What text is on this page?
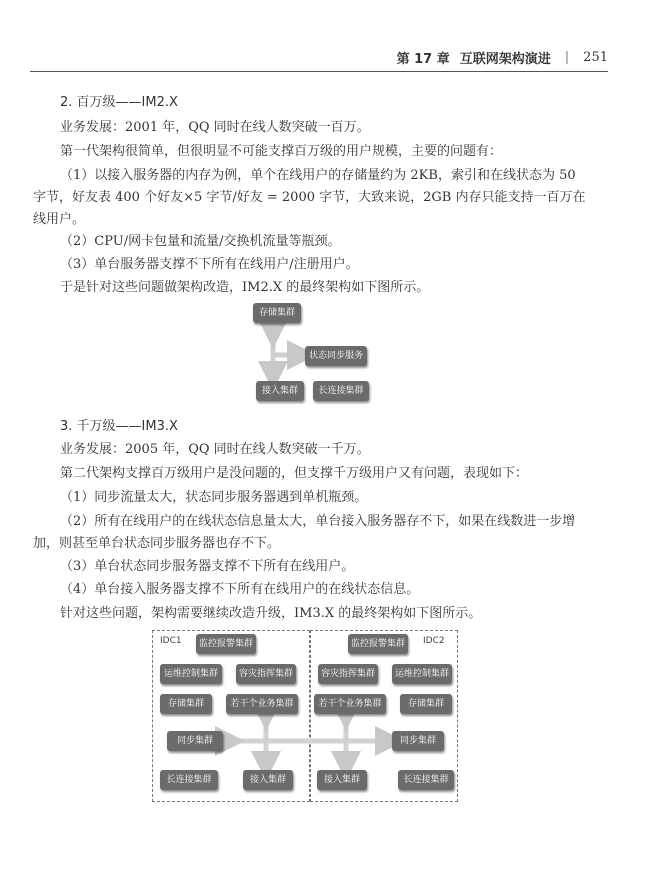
第 17 章 互联网架构演进 | 251
2. 百万级——IM2.X
业务发展：2001 年，QQ 同时在线人数突破一百万。
第一代架构很简单，但很明显不可能支撑百万级的用户规模，主要的问题有：
（1）以接入服务器的内存为例，单个在线用户的存储量约为 2KB，索引和在线状态为 50
字节，好友表 400 个好友×5 字节/好友 = 2000 字节，大致来说，2GB 内存只能支持一百万在
线用户。
（2）CPU/网卡包量和流量/交换机流量等瓶颈。
（3）单台服务器支撑不下所有在线用户/注册用户。
于是针对这些问题做架构改造，IM2.X 的最终架构如下图所示。
存储集群
状态同步服务器
接入集群	长连接集群
3. 千万级——IM3.X
业务发展：2005 年，QQ 同时在线人数突破一千万。
第二代架构支撑百万级用户是没问题的，但支撑千万级用户又有问题，表现如下：
（1）同步流量太大，状态同步服务器遇到单机瓶颈。
（2）所有在线用户的在线状态信息量太大，单台接入服务器存不下，如果在线数进一步增
加，则甚至单台状态同步服务器也存不下。
（3）单台状态同步服务器支撑不下所有在线用户。
（4）单台接入服务器支撑不下所有在线用户的在线状态信息。
针对这些问题，架构需要继续改造升级，IM3.X 的最终架构如下图所示。
IDC1	IDC2
监控报警集群
运维控制集群	容灾指挥集群
存储集群	若干个业务集群
同步集群
长连接集群	接入集群
监控报警集群
容灾指挥集群	运维控制集群
若干个业务集群	存储集群
同步集群
接入集群	长连接集群
